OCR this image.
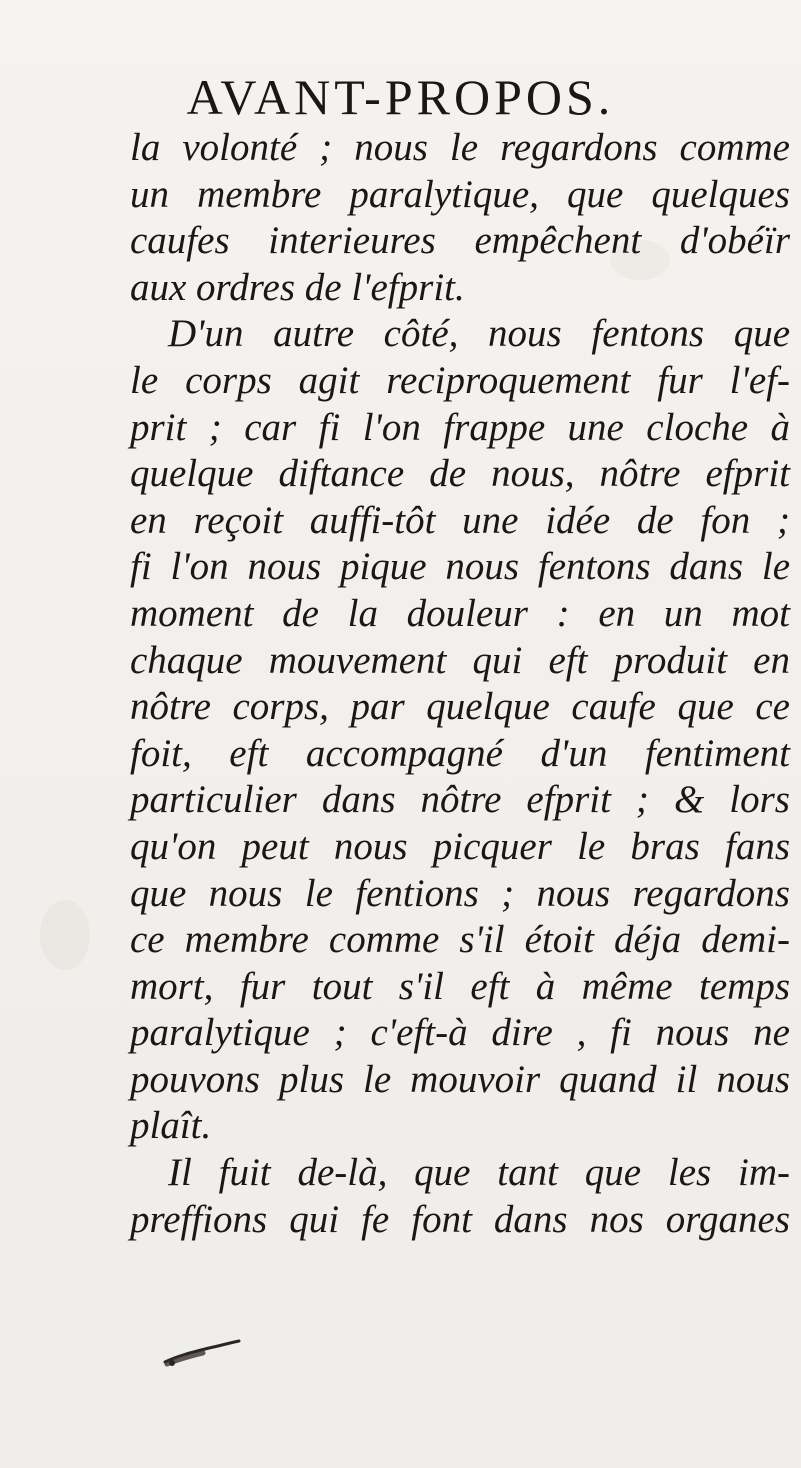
AVANT-PROPOS.
la volonté ; nous le regardons comme
un membre paralytique, que quelques
caufes interieures empêchent d'obéïr
aux ordres de l'efprit.
D'un autre côté, nous fentons que
le corps agit reciproquement fur l'ef-
prit ; car fi l'on frappe une cloche à
quelque diftance de nous, nôtre efprit
en reçoit auffi-tôt une idée de fon ;
fi l'on nous pique nous fentons dans le
moment de la douleur : en un mot
chaque mouvement qui eft produit en
nôtre corps, par quelque caufe que ce
foit, eft accompagné d'un fentiment
particulier dans nôtre efprit ; & lors
qu'on peut nous picquer le bras fans
que nous le fentions ; nous regardons
ce membre comme s'il étoit déja demi-
mort, fur tout s'il eft à même temps
paralytique ; c'eft-à dire , fi nous ne
pouvons plus le mouvoir quand il nous
plaît.
Il fuit de-là, que tant que les im-
preffions qui fe font dans nos organes
